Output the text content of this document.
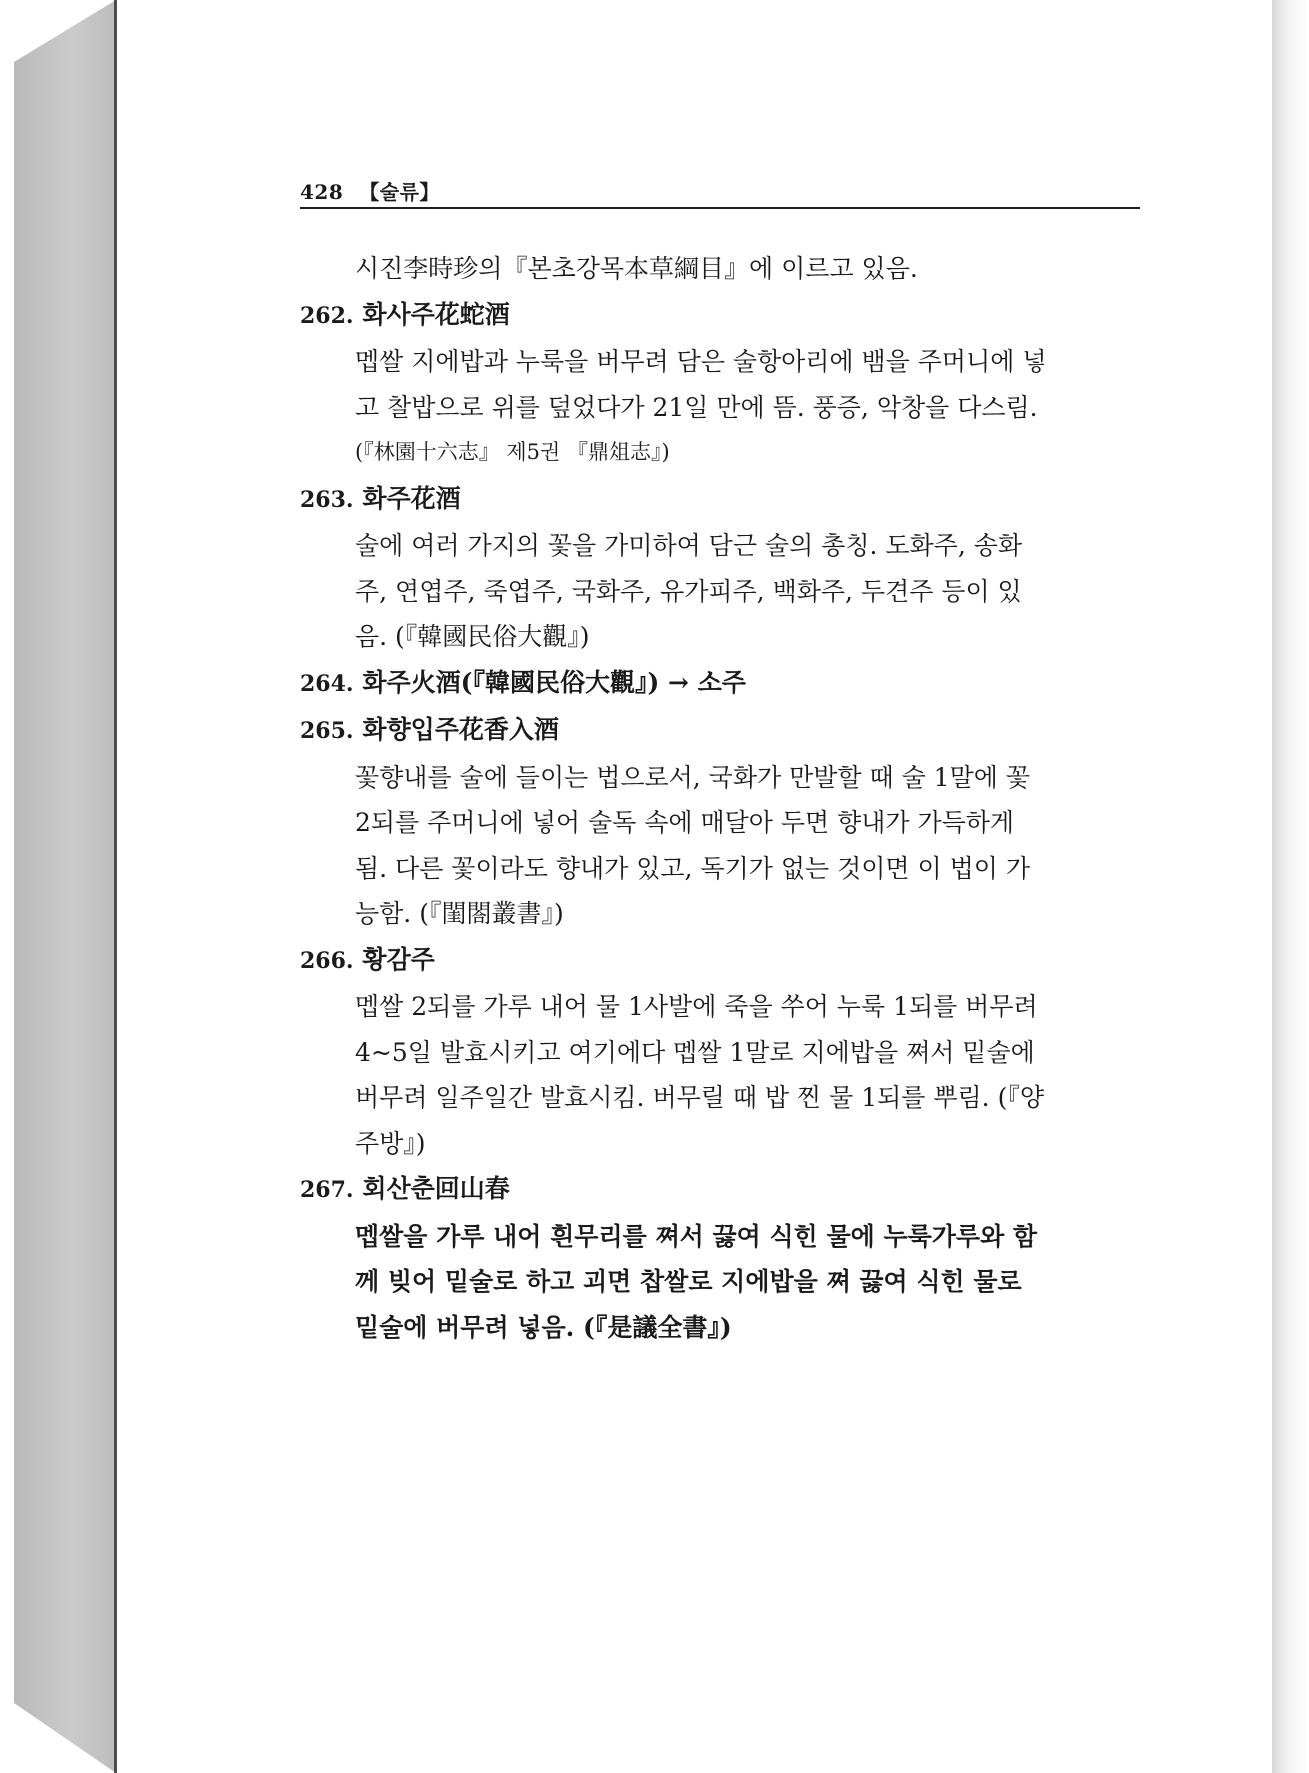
428 【술류】

시진李時珍의『본초강목本草綱目』에 이르고 있음.

262. 화사주花蛇酒

멥쌀 지에밥과 누룩을 버무려 담은 술항아리에 뱀을 주머니에 넣

고 찰밥으로 위를 덮었다가 21일 만에 뜸. 풍증, 악창을 다스림.

(『林園十六志』 제5권 『鼎俎志』)

263. 화주花酒

술에 여러 가지의 꽃을 가미하여 담근 술의 총칭. 도화주, 송화

주, 연엽주, 죽엽주, 국화주, 유가피주, 백화주, 두견주 등이 있

음. (『韓國民俗大觀』)

264. 화주火酒(『韓國民俗大觀』) → 소주

265. 화향입주花香入酒

꽃향내를 술에 들이는 법으로서, 국화가 만발할 때 술 1말에 꽃

2되를 주머니에 넣어 술독 속에 매달아 두면 향내가 가득하게

됨. 다른 꽃이라도 향내가 있고, 독기가 없는 것이면 이 법이 가

능함. (『閨閤叢書』)

266. 황감주

멥쌀 2되를 가루 내어 물 1사발에 죽을 쑤어 누룩 1되를 버무려

4~5일 발효시키고 여기에다 멥쌀 1말로 지에밥을 쪄서 밑술에

버무려 일주일간 발효시킴. 버무릴 때 밥 찐 물 1되를 뿌림. (『양

주방』)

267. 회산춘回山春

멥쌀을 가루 내어 흰무리를 쪄서 끓여 식힌 물에 누룩가루와 함

께 빚어 밑술로 하고 괴면 찹쌀로 지에밥을 쪄 끓여 식힌 물로

밑술에 버무려 넣음. (『是議全書』)
